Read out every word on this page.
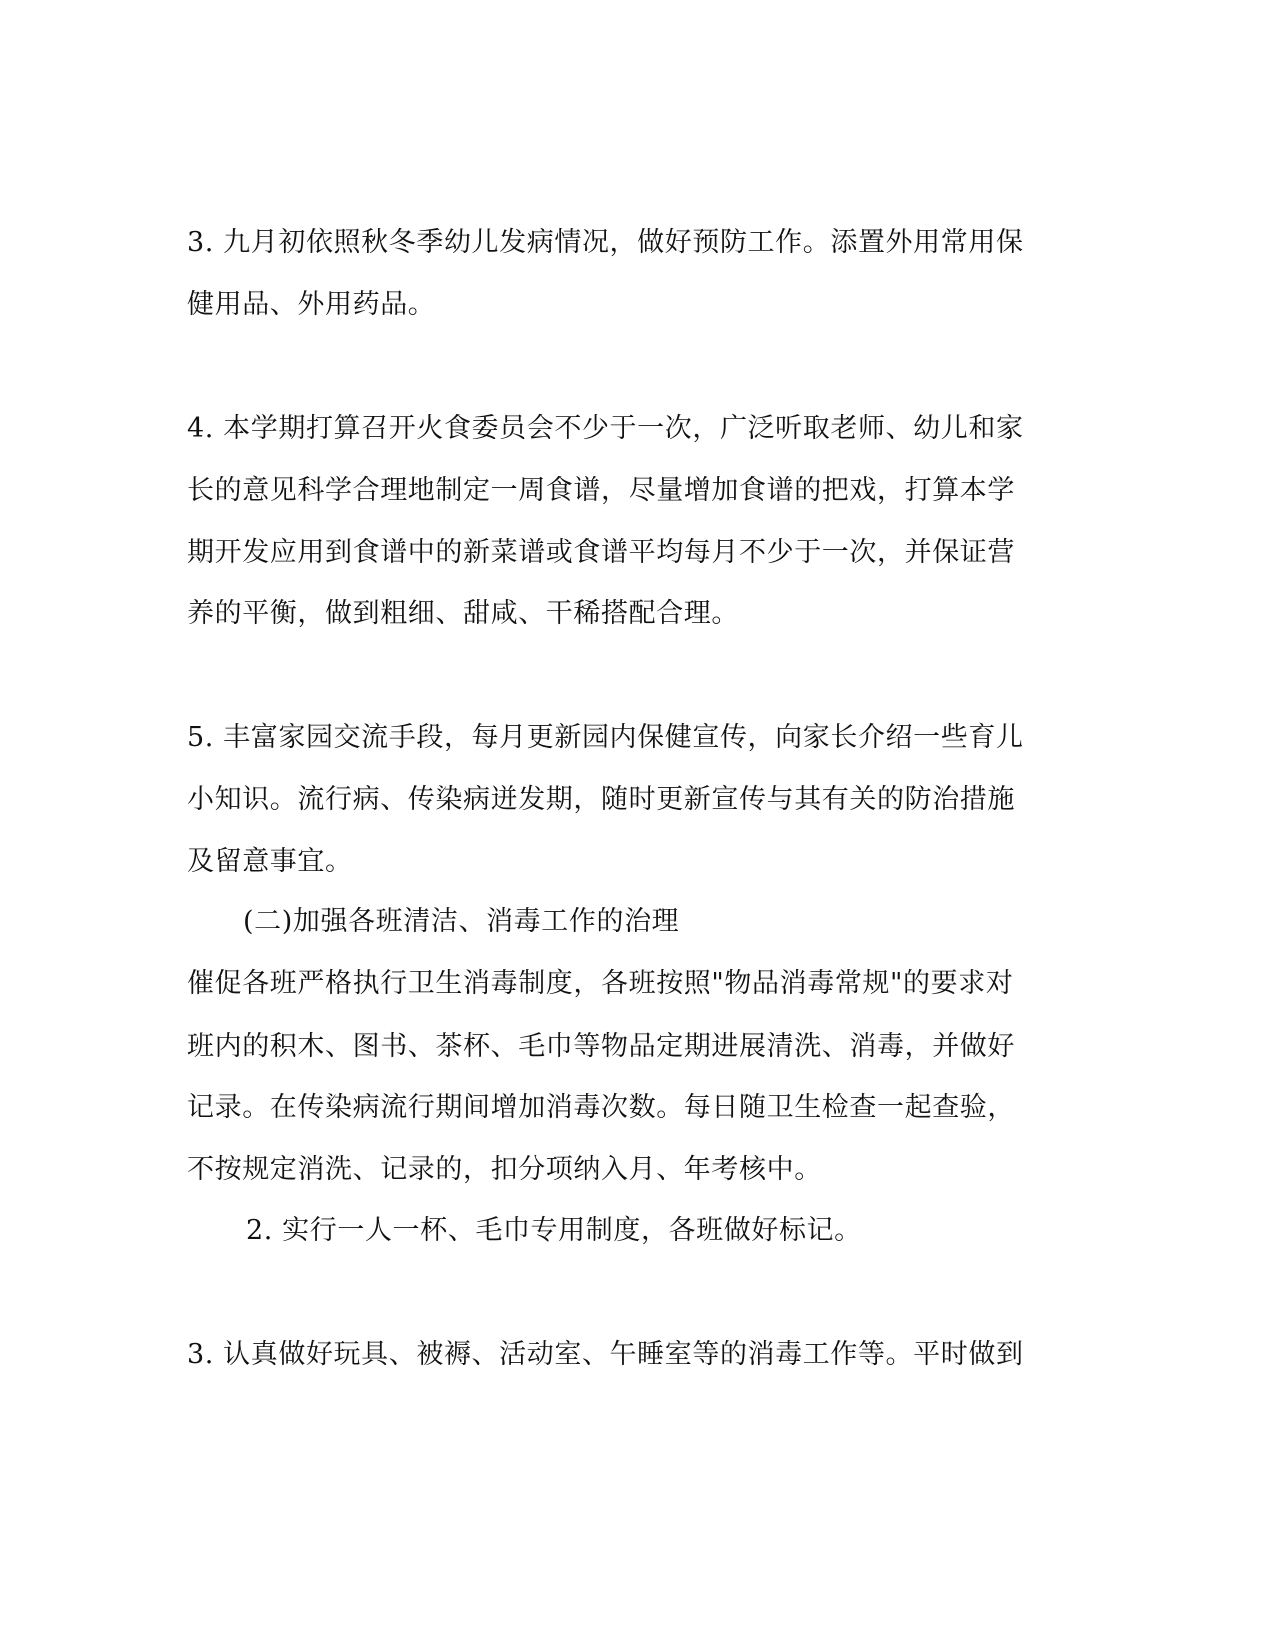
3. 九月初依照秋冬季幼儿发病情况，做好预防工作。添置外用常用保
健用品、外用药品。
4. 本学期打算召开火食委员会不少于一次，广泛听取老师、幼儿和家
长的意见科学合理地制定一周食谱，尽量增加食谱的把戏，打算本学
期开发应用到食谱中的新菜谱或食谱平均每月不少于一次，并保证营
养的平衡，做到粗细、甜咸、干稀搭配合理。
5. 丰富家园交流手段，每月更新园内保健宣传，向家长介绍一些育儿
小知识。流行病、传染病迸发期，随时更新宣传与其有关的防治措施
及留意事宜。
(二)加强各班清洁、消毒工作的治理
催促各班严格执行卫生消毒制度，各班按照"物品消毒常规"的要求对
班内的积木、图书、茶杯、毛巾等物品定期进展清洗、消毒，并做好
记录。在传染病流行期间增加消毒次数。每日随卫生检查一起查验，
不按规定消洗、记录的，扣分项纳入月、年考核中。
2. 实行一人一杯、毛巾专用制度，各班做好标记。
3. 认真做好玩具、被褥、活动室、午睡室等的消毒工作等。平时做到
